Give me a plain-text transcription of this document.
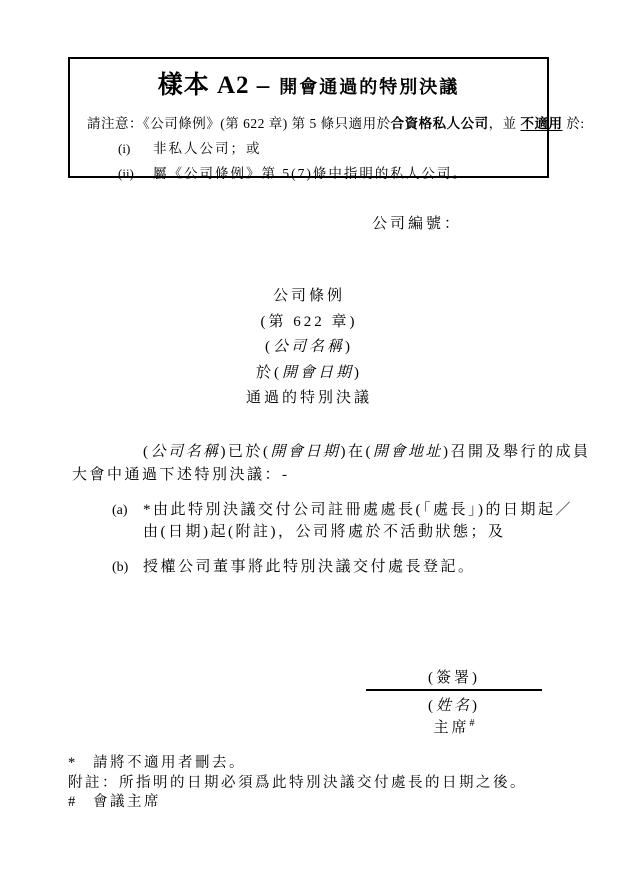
樣本 A2 – 開會通過的特別決議
請注意：《公司條例》(第 622 章) 第 5 條只適用於合資格私人公司，並 不適用 於:
(i) 非私人公司；或
(ii) 屬《公司條例》第 5(7)條中指明的私人公司。
公司編號：
公司條例
(第 622 章)
(公司名稱)
於(開會日期)
通過的特別決議
(公司名稱)已於(開會日期)在(開會地址)召開及舉行的成員
大會中通過下述特別決議：-
(a) *由此特別決議交付公司註冊處處長(「處長」)的日期起／
由(日期)起(附註)，公司將處於不活動狀態；及
(b) 授權公司董事將此特別決議交付處長登記。
(簽署)
(姓名)
主席#
* 請將不適用者刪去。
附註：所指明的日期必須爲此特別決議交付處長的日期之後。
# 會議主席
